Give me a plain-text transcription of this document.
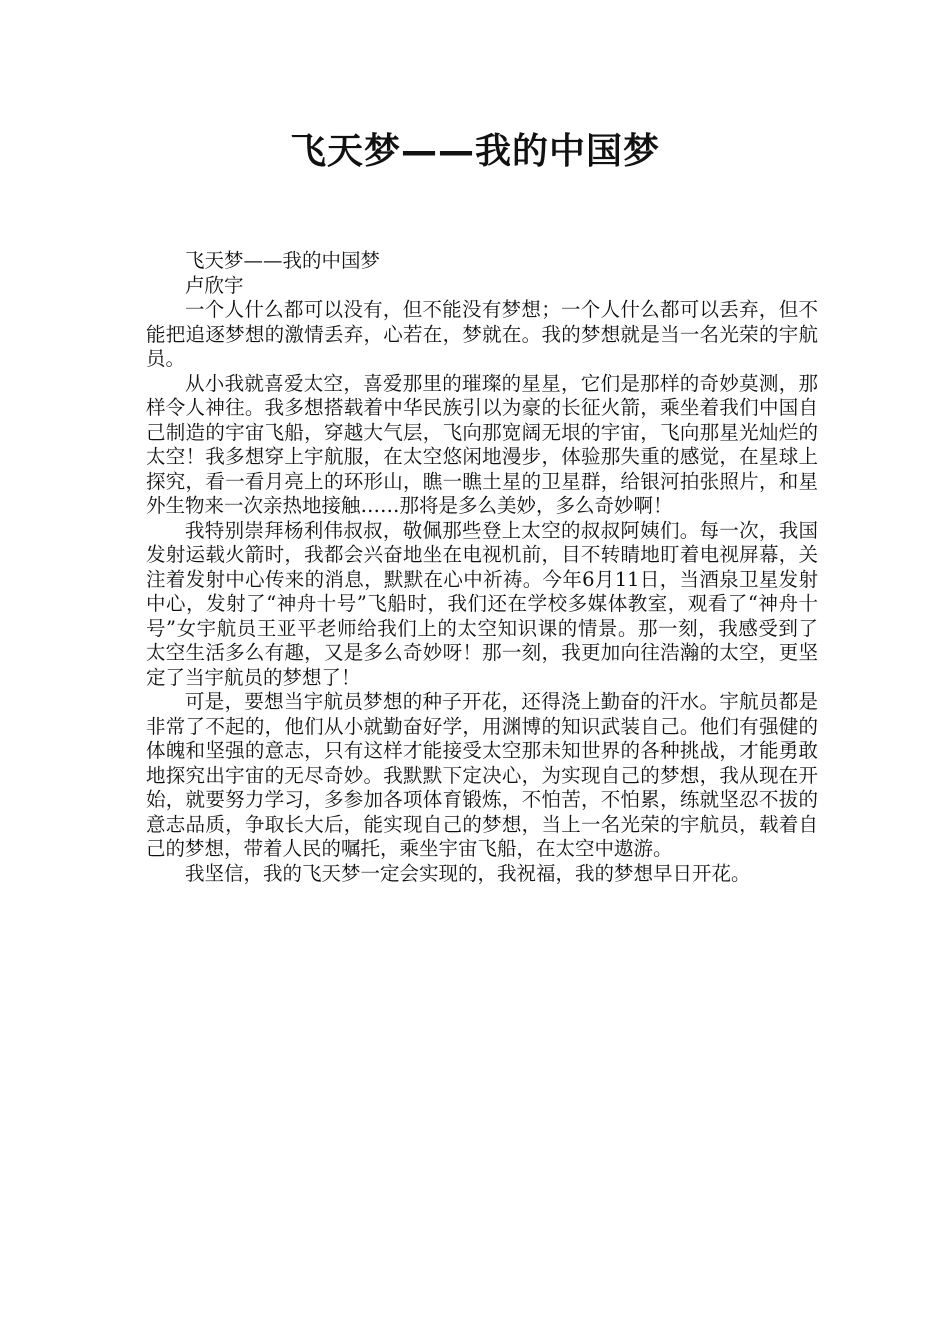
飞天梦——我的中国梦

飞天梦——我的中国梦

卢欣宇

一个人什么都可以没有，但不能没有梦想；一个人什么都可以丢弃，但不能把追逐梦想的激情丢弃，心若在，梦就在。我的梦想就是当一名光荣的宇航员。

从小我就喜爱太空，喜爱那里的璀璨的星星，它们是那样的奇妙莫测，那样令人神往。我多想搭载着中华民族引以为豪的长征火箭，乘坐着我们中国自己制造的宇宙飞船，穿越大气层，飞向那宽阔无垠的宇宙，飞向那星光灿烂的太空！我多想穿上宇航服，在太空悠闲地漫步，体验那失重的感觉，在星球上探究，看一看月亮上的环形山，瞧一瞧土星的卫星群，给银河拍张照片，和星外生物来一次亲热地接触……那将是多么美妙，多么奇妙啊！

我特别崇拜杨利伟叔叔，敬佩那些登上太空的叔叔阿姨们。每一次，我国发射运载火箭时，我都会兴奋地坐在电视机前，目不转睛地盯着电视屏幕，关注着发射中心传来的消息，默默在心中祈祷。今年6月11日，当酒泉卫星发射中心，发射了“神舟十号”飞船时，我们还在学校多媒体教室，观看了“神舟十号”女宇航员王亚平老师给我们上的太空知识课的情景。那一刻，我感受到了太空生活多么有趣，又是多么奇妙呀！那一刻，我更加向往浩瀚的太空，更坚定了当宇航员的梦想了！

可是，要想当宇航员梦想的种子开花，还得浇上勤奋的汗水。宇航员都是非常了不起的，他们从小就勤奋好学，用渊博的知识武装自己。他们有强健的体魄和坚强的意志，只有这样才能接受太空那未知世界的各种挑战，才能勇敢地探究出宇宙的无尽奇妙。我默默下定决心，为实现自己的梦想，我从现在开始，就要努力学习，多参加各项体育锻炼，不怕苦，不怕累，练就坚忍不拔的意志品质，争取长大后，能实现自己的梦想，当上一名光荣的宇航员，载着自己的梦想，带着人民的嘱托，乘坐宇宙飞船，在太空中遨游。

我坚信，我的飞天梦一定会实现的，我祝福，我的梦想早日开花。
